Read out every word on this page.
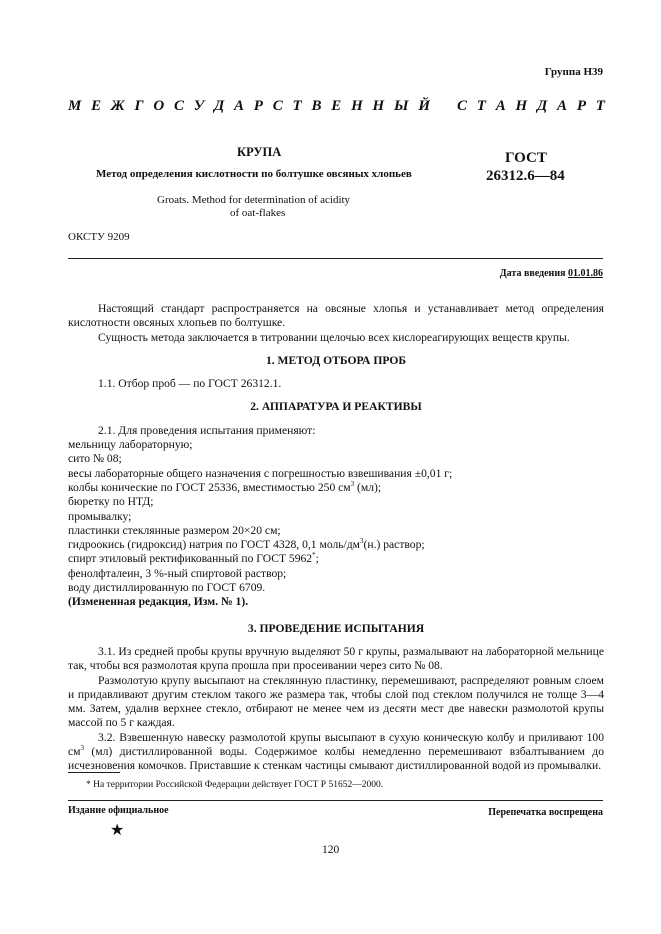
Группа Н39
М Е Ж Г О С У Д А Р С Т В Е Н Н Ы Й С Т А Н Д А Р Т
КРУПА
Метод определения кислотности по болтушке овсяных хлопьев
ГОСТ
26312.6—84
Groats. Method for determination of acidity
of oat-flakes
ОКСТУ 9209
Дата введения 01.01.86

Настоящий стандарт распространяется на овсяные хлопья и устанавливает метод определения кислотности овсяных хлопьев по болтушке.

Сущность метода заключается в титровании щелочью всех кислореагирующих веществ крупы.

1. МЕТОД ОТБОРА ПРОБ

1.1. Отбор проб — по ГОСТ 26312.1.

2. АППАРАТУРА И РЕАКТИВЫ

2.1. Для проведения испытания применяют:

мельницу лабораторную;
сито № 08;
весы лабораторные общего назначения с погрешностью взвешивания ±0,01 г;
колбы конические по ГОСТ 25336, вместимостью 250 $см^3$ (мл);
бюретку по НТД;
промывалку;
пластинки стеклянные размером 20×20 см;
гидроокись (гидроксид) натрия по ГОСТ 4328, 0,1 моль/$дм^3(н.)$ раствор;
спирт этиловый ректификованный по ГОСТ 5962*;
фенолфталеин, 3 %-ный спиртовой раствор;
воду дистиллированную по ГОСТ 6709.
(Измененная редакция, Изм. № 1).
3. ПРОВЕДЕНИЕ ИСПЫТАНИЯ

3.1. Из средней пробы крупы вручную выделяют 50 г крупы, размалывают на лабораторной мельнице так, чтобы вся размолотая крупа прошла при просеивании через сито № 08.

Размолотую крупу высыпают на стеклянную пластинку, перемешивают, распределяют ровным слоем и придавливают другим стеклом такого же размера так, чтобы слой под стеклом получился не толще 3—4 мм. Затем, удалив верхнее стекло, отбирают не менее чем из десяти мест две навески размолотой крупы массой по 5 г каждая.

3.2. Взвешенную навеску размолотой крупы высыпают в сухую коническую колбу и приливают 100 $см^3$ (мл) дистиллированной воды. Содержимое колбы немедленно перемешивают взбалтыванием до исчезновения комочков. Приставшие к стенкам частицы смывают дистиллированной водой из промывалки.

* На территории Российской Федерации действует ГОСТ Р 51652—2000.
Издание официальное	Перепечатка воспрещена
★
120
